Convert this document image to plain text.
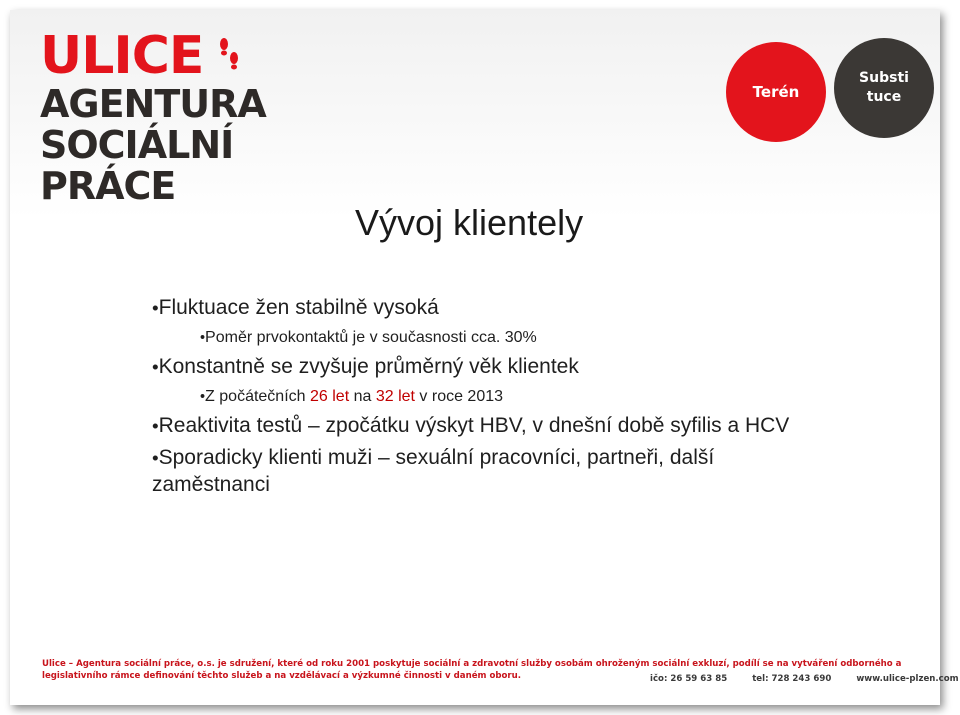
ULICE
AGENTURA
SOCIÁLNÍ
PRÁCE
Terén
Substi
tuce
Vývoj klientely
•Fluktuace žen stabilně vysoká
•Poměr prvokontaktů je v současnosti cca. 30%
•Konstantně se zvyšuje průměrný věk klientek
•Z počátečních 26 let na 32 let v roce 2013
•Reaktivita testů – zpočátku výskyt HBV, v dnešní době syfilis a HCV
•Sporadicky klienti muži – sexuální pracovníci, partneři, další zaměstnanci
Ulice – Agentura sociální práce, o.s. je sdružení, které od roku 2001 poskytuje sociální a zdravotní služby osobám ohroženým sociální exkluzí, podílí se na vytváření odborného a legislativního rámce definování těchto služeb a na vzdělávací a výzkumné činnosti v daném oboru.	ičo: 26 59 63 85	tel: 728 243 690	www.ulice-plzen.com
